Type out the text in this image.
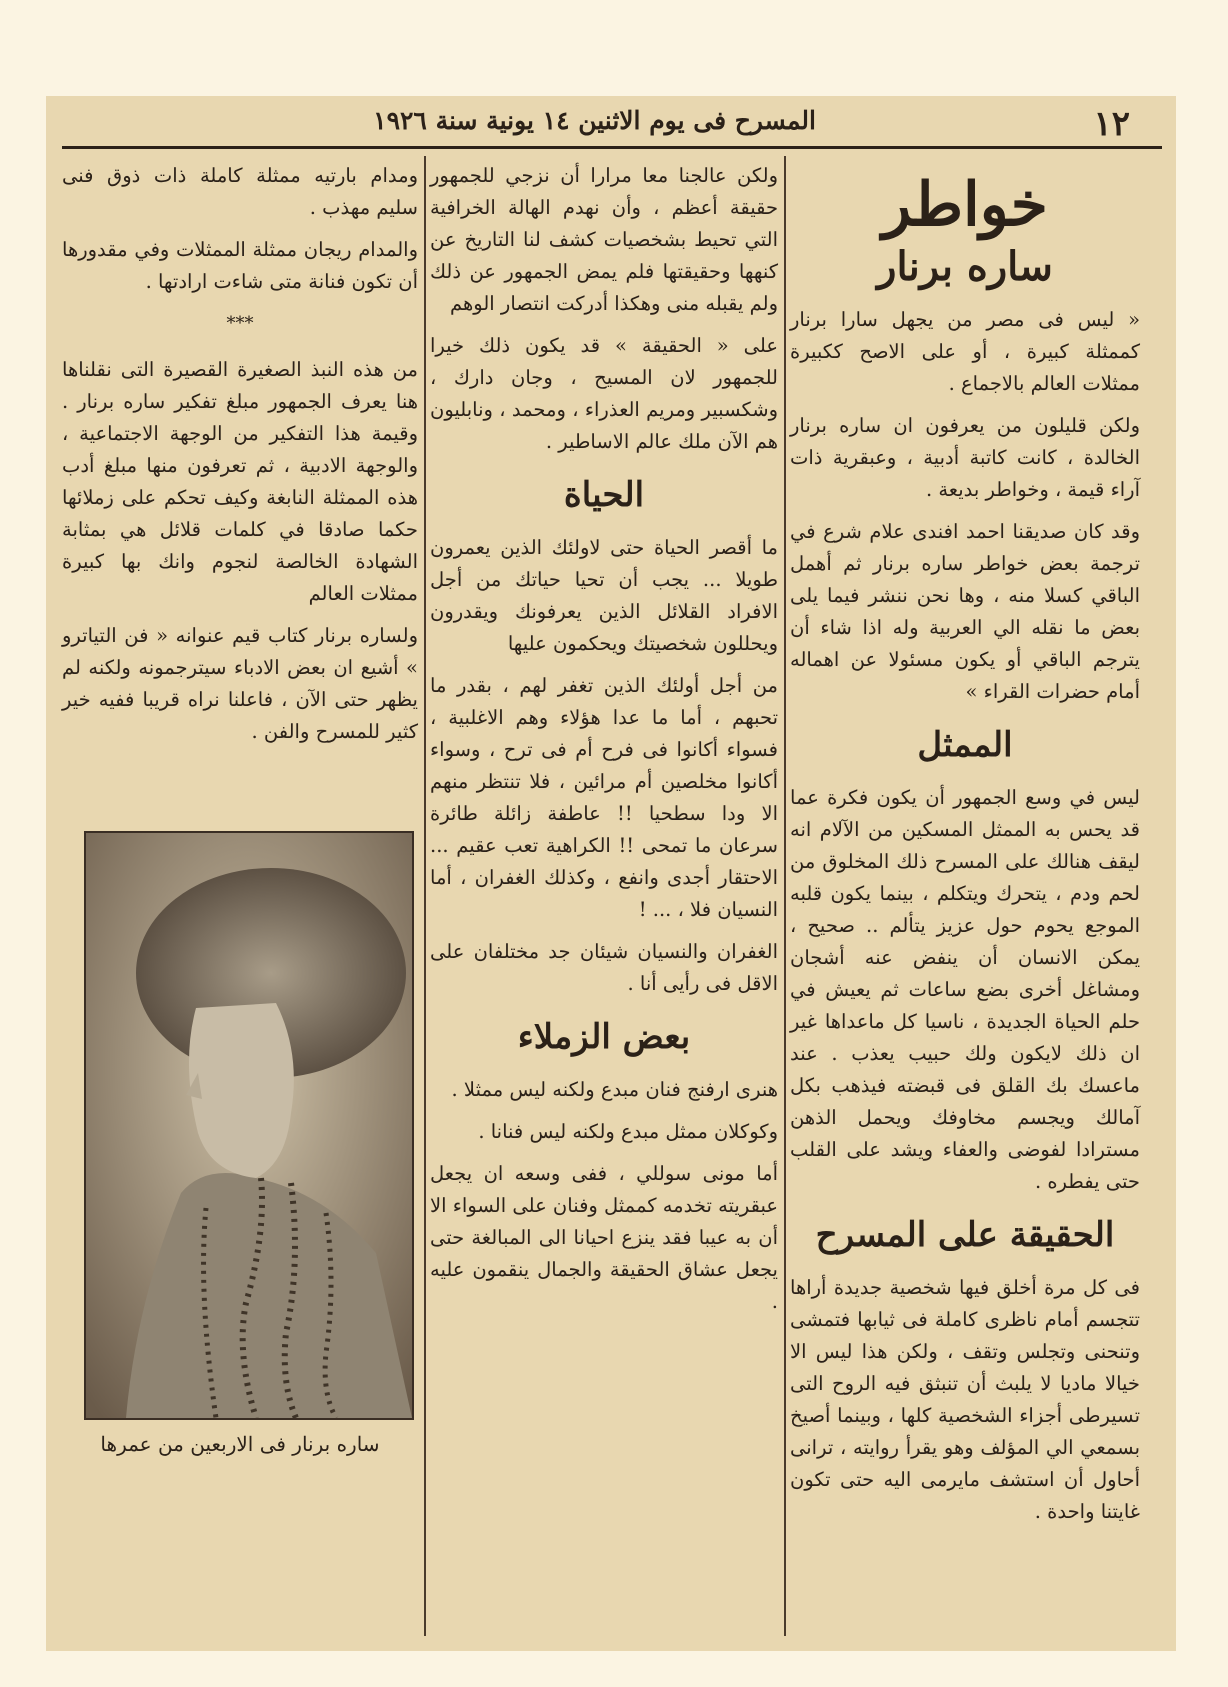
١٢
المسرح فى يوم الاثنين ١٤ يونية سنة ١٩٢٦
خواطر
ساره برنار

« ليس فى مصر من يجهل سارا برنار كممثلة كبيرة ، أو على الاصح ككبيرة ممثلات العالم بالاجماع .

ولكن قليلون من يعرفون ان ساره برنار الخالدة ، كانت كاتبة أدبية ، وعبقرية ذات آراء قيمة ، وخواطر بديعة .

وقد كان صديقنا احمد افندى علام شرع في ترجمة بعض خواطر ساره برنار ثم أهمل الباقي كسلا منه ، وها نحن ننشر فيما يلى بعض ما نقله الي العربية وله اذا شاء أن يترجم الباقي أو يكون مسئولا عن اهماله أمام حضرات القراء »

الممثل

ليس في وسع الجمهور أن يكون فكرة عما قد يحس به الممثل المسكين من الآلام انه ليقف هنالك على المسرح ذلك المخلوق من لحم ودم ، يتحرك ويتكلم ، بينما يكون قلبه الموجع يحوم حول عزيز يتألم .. صحيح ، يمكن الانسان أن ينفض عنه أشجان ومشاغل أخرى بضع ساعات ثم يعيش في حلم الحياة الجديدة ، ناسيا كل ماعداها غير ان ذلك لايكون ولك حبيب يعذب . عند ماعسك بك القلق فى قبضته فيذهب بكل آمالك ويجسم مخاوفك ويحمل الذهن مسترادا لفوضى والعفاء ويشد على القلب حتى يفطره .

الحقيقة على المسرح

فى كل مرة أخلق فيها شخصية جديدة أراها تتجسم أمام ناظرى كاملة فى ثيابها فتمشى وتنحنى وتجلس وتقف ، ولكن هذا ليس الا خيالا ماديا لا يلبث أن تنبثق فيه الروح التى تسيرطى أجزاء الشخصية كلها ، وبينما أصيخ بسمعي الي المؤلف وهو يقرأ روايته ، ترانى أحاول أن استشف مايرمى اليه حتى تكون غايتنا واحدة .

ولكن عالجنا معا مرارا أن نزجي للجمهور حقيقة أعظم ، وأن نهدم الهالة الخرافية التي تحيط بشخصيات كشف لنا التاريخ عن كنهها وحقيقتها فلم يمض الجمهور عن ذلك ولم يقبله منى وهكذا أدركت انتصار الوهم

على « الحقيقة » قد يكون ذلك خيرا للجمهور لان المسيح ، وجان دارك ، وشكسبير ومريم العذراء ، ومحمد ، ونابليون هم الآن ملك عالم الاساطير .

الحياة

ما أقصر الحياة حتى لاولئك الذين يعمرون طويلا ... يجب أن تحيا حياتك من أجل الافراد القلائل الذين يعرفونك ويقدرون ويحللون شخصيتك ويحكمون عليها

من أجل أولئك الذين تغفر لهم ، بقدر ما تحبهم ، أما ما عدا هؤلاء وهم الاغلبية ، فسواء أكانوا فى فرح أم فى ترح ، وسواء أكانوا مخلصين أم مرائين ، فلا تنتظر منهم الا ودا سطحيا !! عاطفة زائلة طائرة سرعان ما تمحى !! الكراهية تعب عقيم ... الاحتقار أجدى وانفع ، وكذلك الغفران ، أما النسيان فلا ، ... !

الغفران والنسيان شيئان جد مختلفان على الاقل فى رأيى أنا .

بعض الزملاء

هنرى ارفنج فنان مبدع ولكنه ليس ممثلا .

وكوكلان ممثل مبدع ولكنه ليس فنانا .

أما مونى سوللي ، ففى وسعه ان يجعل عبقريته تخدمه كممثل وفنان على السواء الا أن به عيبا فقد ينزع احيانا الى المبالغة حتى يجعل عشاق الحقيقة والجمال ينقمون عليه .

ومدام بارتيه ممثلة كاملة ذات ذوق فنى سليم مهذب .

والمدام ريجان ممثلة الممثلات وفي مقدورها أن تكون فنانة متى شاءت ارادتها .

***

من هذه النبذ الصغيرة القصيرة التى نقلناها هنا يعرف الجمهور مبلغ تفكير ساره برنار . وقيمة هذا التفكير من الوجهة الاجتماعية ، والوجهة الادبية ، ثم تعرفون منها مبلغ أدب هذه الممثلة النابغة وكيف تحكم على زملائها حكما صادقا في كلمات قلائل هي بمثابة الشهادة الخالصة لنجوم وانك بها كبيرة ممثلات العالم

ولساره برنار كتاب قيم عنوانه « فن التياترو » أشيع ان بعض الادباء سيترجمونه ولكنه لم يظهر حتى الآن ، فاعلنا نراه قريبا ففيه خير كثير للمسرح والفن .

ساره برنار فى الاربعين من عمرها
